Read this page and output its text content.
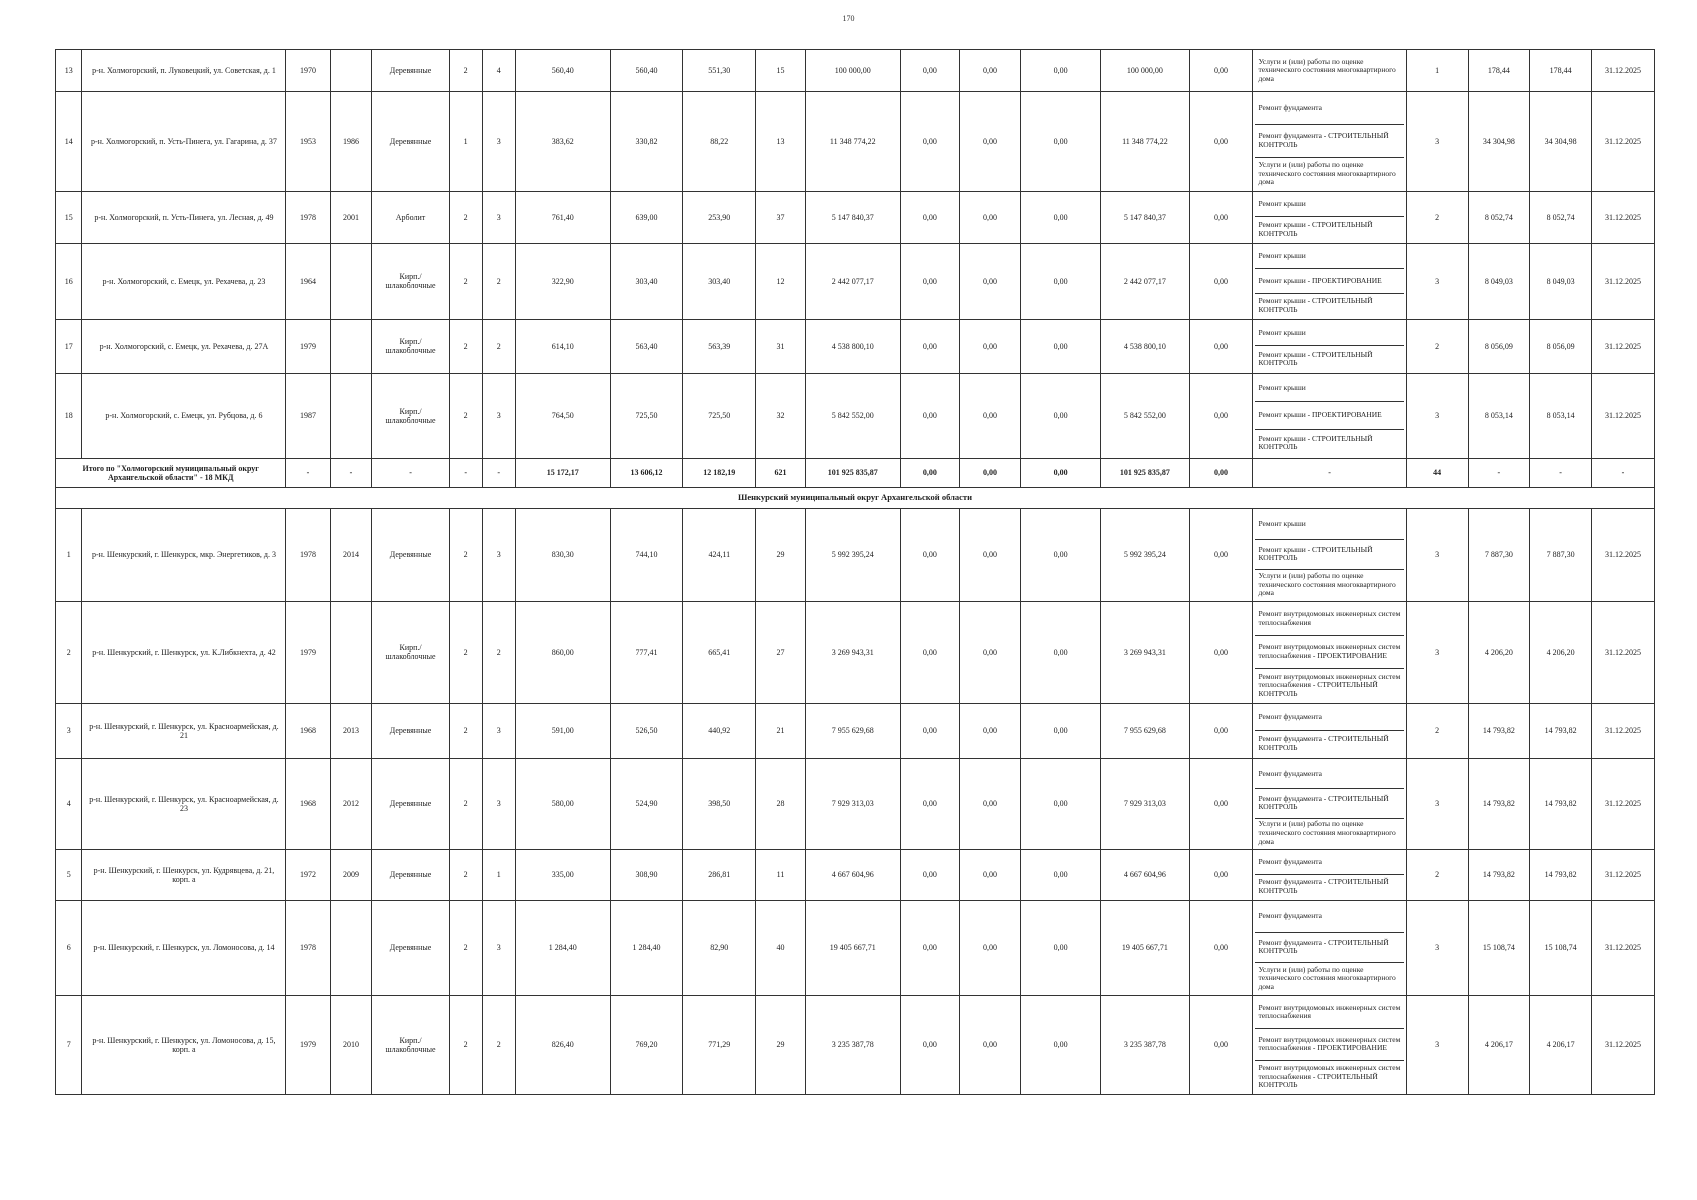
170
13	р-н. Холмогорский, п. Луковецкий, ул. Советская, д. 1	1970		Деревянные	2	4	560,40	560,40	551,30	15	100 000,00	0,00	0,00	0,00	100 000,00	0,00	Услуги и (или) работы по оценке технического состояния многоквартирного дома	1	178,44	178,44	31.12.2025
14	р-н. Холмогорский, п. Усть-Пинега, ул. Гагарина, д. 37	1953	1986	Деревянные	1	3	383,62	330,82	88,22	13	11 348 774,22	0,00	0,00	0,00	11 348 774,22	0,00	Ремонт фундамента
Ремонт фундамента - СТРОИТЕЛЬНЫЙ КОНТРОЛЬ
Услуги и (или) работы по оценке технического состояния многоквартирного дома	3	34 304,98	34 304,98	31.12.2025
15	р-н. Холмогорский, п. Усть-Пинега, ул. Лесная, д. 49	1978	2001	Арболит	2	3	761,40	639,00	253,90	37	5 147 840,37	0,00	0,00	0,00	5 147 840,37	0,00	Ремонт крыши
Ремонт крыши - СТРОИТЕЛЬНЫЙ КОНТРОЛЬ	2	8 052,74	8 052,74	31.12.2025
16	р-н. Холмогорский, с. Емецк, ул. Рехачева, д. 23	1964		Кирп./ шлакоблочные	2	2	322,90	303,40	303,40	12	2 442 077,17	0,00	0,00	0,00	2 442 077,17	0,00	Ремонт крыши
Ремонт крыши - ПРОЕКТИРОВАНИЕ
Ремонт крыши - СТРОИТЕЛЬНЫЙ КОНТРОЛЬ	3	8 049,03	8 049,03	31.12.2025
17	р-н. Холмогорский, с. Емецк, ул. Рехачева, д. 27А	1979		Кирп./ шлакоблочные	2	2	614,10	563,40	563,39	31	4 538 800,10	0,00	0,00	0,00	4 538 800,10	0,00	Ремонт крыши
Ремонт крыши - СТРОИТЕЛЬНЫЙ КОНТРОЛЬ	2	8 056,09	8 056,09	31.12.2025
18	р-н. Холмогорский, с. Емецк, ул. Рубцова, д. 6	1987		Кирп./ шлакоблочные	2	3	764,50	725,50	725,50	32	5 842 552,00	0,00	0,00	0,00	5 842 552,00	0,00	Ремонт крыши
Ремонт крыши - ПРОЕКТИРОВАНИЕ
Ремонт крыши - СТРОИТЕЛЬНЫЙ КОНТРОЛЬ	3	8 053,14	8 053,14	31.12.2025
Итого по "Холмогорский муниципальный округ Архангельской области" - 18 МКД		-	-	-	-	-	15 172,17	13 606,12	12 182,19	621	101 925 835,87	0,00	0,00	0,00	101 925 835,87	0,00	-	44	-	-	-
Шенкурский муниципальный округ Архангельской области																					
1	р-н. Шенкурский, г. Шенкурск, мкр. Энергетиков, д. 3	1978	2014	Деревянные	2	3	830,30	744,10	424,11	29	5 992 395,24	0,00	0,00	0,00	5 992 395,24	0,00	Ремонт крыши
Ремонт крыши - СТРОИТЕЛЬНЫЙ КОНТРОЛЬ
Услуги и (или) работы по оценке технического состояния многоквартирного дома	3	7 887,30	7 887,30	31.12.2025
2	р-н. Шенкурский, г. Шенкурск, ул. К.Либкнехта, д. 42	1979		Кирп./ шлакоблочные	2	2	860,00	777,41	665,41	27	3 269 943,31	0,00	0,00	0,00	3 269 943,31	0,00	Ремонт внутридомовых инженерных систем теплоснабжения
Ремонт внутридомовых инженерных систем теплоснабжения - ПРОЕКТИРОВАНИЕ
Ремонт внутридомовых инженерных систем теплоснабжения - СТРОИТЕЛЬНЫЙ КОНТРОЛЬ	3	4 206,20	4 206,20	31.12.2025
3	р-н. Шенкурский, г. Шенкурск, ул. Красноармейская, д. 21	1968	2013	Деревянные	2	3	591,00	526,50	440,92	21	7 955 629,68	0,00	0,00	0,00	7 955 629,68	0,00	Ремонт фундамента
Ремонт фундамента - СТРОИТЕЛЬНЫЙ КОНТРОЛЬ	2	14 793,82	14 793,82	31.12.2025
4	р-н. Шенкурский, г. Шенкурск, ул. Красноармейская, д. 23	1968	2012	Деревянные	2	3	580,00	524,90	398,50	28	7 929 313,03	0,00	0,00	0,00	7 929 313,03	0,00	Ремонт фундамента
Ремонт фундамента - СТРОИТЕЛЬНЫЙ КОНТРОЛЬ
Услуги и (или) работы по оценке технического состояния многоквартирного дома	3	14 793,82	14 793,82	31.12.2025
5	р-н. Шенкурский, г. Шенкурск, ул. Кудрявцева, д. 21, корп. а	1972	2009	Деревянные	2	1	335,00	308,90	286,81	11	4 667 604,96	0,00	0,00	0,00	4 667 604,96	0,00	Ремонт фундамента
Ремонт фундамента - СТРОИТЕЛЬНЫЙ КОНТРОЛЬ	2	14 793,82	14 793,82	31.12.2025
6	р-н. Шенкурский, г. Шенкурск, ул. Ломоносова, д. 14	1978		Деревянные	2	3	1 284,40	1 284,40	82,90	40	19 405 667,71	0,00	0,00	0,00	19 405 667,71	0,00	Ремонт фундамента
Ремонт фундамента - СТРОИТЕЛЬНЫЙ КОНТРОЛЬ
Услуги и (или) работы по оценке технического состояния многоквартирного дома	3	15 108,74	15 108,74	31.12.2025
7	р-н. Шенкурский, г. Шенкурск, ул. Ломоносова, д. 15, корп. а	1979	2010	Кирп./ шлакоблочные	2	2	826,40	769,20	771,29	29	3 235 387,78	0,00	0,00	0,00	3 235 387,78	0,00	Ремонт внутридомовых инженерных систем теплоснабжения
Ремонт внутридомовых инженерных систем теплоснабжения - ПРОЕКТИРОВАНИЕ
Ремонт внутридомовых инженерных систем теплоснабжения - СТРОИТЕЛЬНЫЙ КОНТРОЛЬ	3	4 206,17	4 206,17	31.12.2025
